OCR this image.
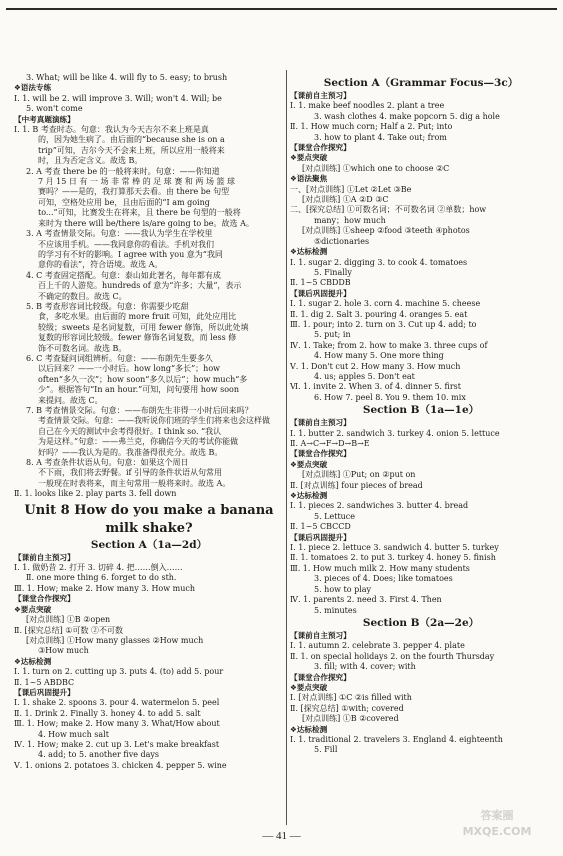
3. What; will be like 4. will fly to 5. easy; to brush
❖语法专练
Ⅰ. 1. will be 2. will improve 3. Will; won't 4. Will; be
5. won't come
【中考真题演练】
Ⅰ. 1. B 考查时态。句意：我认为今天吉尔不来上班是真
的，因为她生病了。由后面的“because she is on a
trip”可知，吉尔今天不会来上班，所以应用一般将来
时，且为否定含义。故选 B。
2. A 考查 there be 的一般将来时。句意：——你知道
7 月 15 日 有 一 场 非 常 棒 的 足 球 赛 和 两 场 篮 球
赛吗？——是的，我打算那天去看。由 there be 句型
可知，空格处应用 be，且由后面的“I am going
to...”可知，比赛发生在将来，且 there be 句型的一般将
来时为 there will be/there is/are going to be。故选 A。
3. A 考查情景交际。句意：——我认为学生在学校里
不应该用手机。——我同意你的看法。手机对我们
的学习有不好的影响。I agree with you 意为“我同
意你的看法”，符合语境。故选 A。
4. C 考查固定搭配。句意：泰山如此著名，每年都有成
百上千的人游览。hundreds of 意为“许多；大量”，表示
不确定的数目。故选 C。
5. B 考查形容词比较级。句意：你需要少吃甜
食，多吃水果。由后面的 more fruit 可知，此处应用比
较级；sweets 是名词复数，可用 fewer 修饰，所以此处填
复数的形容词比较级。fewer 修饰名词复数，而 less 修
饰不可数名词。故选 B。
6. C 考查疑问词组辨析。句意：——布朗先生要多久
以后回来？——一小时后。how long“多长”；how
often“多久一次”；how soon“多久以后”；how much“多
少”。根据答句“In an hour.”可知，问句要用 how soon
来提问。故选 C。
7. B 考查情景交际。句意：——布朗先生非得一小时后回来吗？
考查情景交际。句意：——我听说你们班的学生们将来也会这样做
自己在今天的测试中会考得很好。I think so. “我认
为是这样。”句意：——弗兰克，你确信今天的考试你能做
好吗？——我认为是的。我准备得很充分。故选 B。
8. A 考查条件状语从句。句意：如果这个周日
不下雨，我们将去野餐。if 引导的条件状语从句常用
一般现在时表将来，而主句常用一般将来时。故选 A。
Ⅱ. 1. looks like 2. play parts 3. fell down
Unit 8 How do you make a banana
milk shake?
Section A（1a—2d）
【课前自主预习】
Ⅰ. 1. 做奶昔 2. 打开 3. 切碎 4. 把……倒入……
Ⅱ. one more thing 6. forget to do sth.
Ⅲ. 1. How; make 2. How many 3. How much
【课堂合作探究】
❖要点突破
[对点训练] ①B ②open
Ⅱ. [探究总结] ①可数 ②不可数
[对点训练] ①How many glasses ②How much
③How much
❖达标检测
Ⅰ. 1. turn on 2. cutting up 3. puts 4. (to) add 5. pour
Ⅱ. 1~5 ABDBC
【课后巩固提升】
Ⅰ. 1. shake 2. spoons 3. pour 4. watermelon 5. peel
Ⅱ. 1. Drink 2. Finally 3. honey 4. to add 5. salt
Ⅲ. 1. How; make 2. How many 3. What/How about
4. How much salt
Ⅳ. 1. How; make 2. cut up 3. Let's make breakfast
4. add; to 5. another five days
Ⅴ. 1. onions 2. potatoes 3. chicken 4. pepper 5. wine
Section A（Grammar Focus—3c）
【课前自主预习】
Ⅰ. 1. make beef noodles 2. plant a tree
3. wash clothes 4. make popcorn 5. dig a hole
Ⅱ. 1. How much corn; Half a 2. Put; into
3. how to plant 4. Take out; from
【课堂合作探究】
❖要点突破
[对点训练] ①which one to choose ②C
❖语法聚焦
一、[对点训练] ①Let ②Let ③Be
[对点训练] ①A ②D ③C
二、[探究总结] ①可数名词；不可数名词 ②单数；how
many；how much
[对点训练] ①sheep ②food ③teeth ④photos
⑤dictionaries
❖达标检测
Ⅰ. 1. sugar 2. digging 3. to cook 4. tomatoes
5. Finally
Ⅱ. 1~5 CBDDB
【课后巩固提升】
Ⅰ. 1. sugar 2. hole 3. corn 4. machine 5. cheese
Ⅱ. 1. dig 2. Salt 3. pouring 4. oranges 5. eat
Ⅲ. 1. pour; into 2. turn on 3. Cut up 4. add; to
5. put; in
Ⅳ. 1. Take; from 2. how to make 3. three cups of
4. How many 5. One more thing
Ⅴ. 1. Don't cut 2. How many 3. How much
4. us; apples 5. Don't eat
Ⅵ. 1. invite 2. When 3. of 4. dinner 5. first
6. How 7. peel 8. You 9. them 10. mix
Section B（1a—1e）
【课前自主预习】
Ⅰ. 1. butter 2. sandwich 3. turkey 4. onion 5. lettuce
Ⅱ. A→C→F→D→B→E
【课堂合作探究】
❖要点突破
[对点训练] ①Put; on ②put on
Ⅱ. [对点训练] four pieces of bread
❖达标检测
Ⅰ. 1. pieces 2. sandwiches 3. butter 4. bread
5. Lettuce
Ⅱ. 1~5 CBCCD
【课后巩固提升】
Ⅰ. 1. piece 2. lettuce 3. sandwich 4. butter 5. turkey
Ⅱ. 1. tomatoes 2. to put 3. turkey 4. honey 5. finish
Ⅲ. 1. How much milk 2. How many students
3. pieces of 4. Does; like tomatoes
5. how to play
Ⅳ. 1. parents 2. need 3. First 4. Then
5. minutes
Section B（2a—2e）
【课前自主预习】
Ⅰ. 1. autumn 2. celebrate 3. pepper 4. plate
Ⅱ. 1. on special holidays 2. on the fourth Thursday
3. fill; with 4. cover; with
【课堂合作探究】
❖要点突破
Ⅰ. [对点训练] ①C ②is filled with
Ⅱ. [探究总结] ①with; covered
[对点训练] ①B ②covered
❖达标检测
Ⅰ. 1. traditional 2. travelers 3. England 4. eighteenth
5. Fill
— 41 —
答案圈
MXQE.COM
